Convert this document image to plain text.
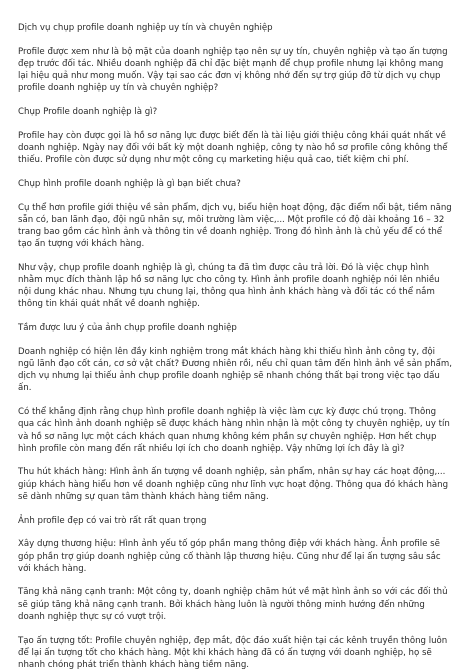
Dịch vụ chụp profile doanh nghiệp uy tín và chuyên nghiệp

Profile được xem như là bộ mặt của doanh nghiệp tạo nên sự uy tín, chuyên nghiệp và tạo ấn tượng đẹp trước đối tác. Nhiều doanh nghiệp đã chỉ đặc biệt mạnh để chụp profile nhưng lại không mang lại hiệu quả như mong muốn. Vậy tại sao các đơn vị không nhớ đến sự trợ giúp đỡ từ dịch vụ chụp profile doanh nghiệp uy tín và chuyên nghiệp?

Chụp Profile doanh nghiệp là gì?

Profile hay còn được gọi là hồ sơ năng lực được biết đến là tài liệu giới thiệu công khái quát nhất về doanh nghiệp. Ngày nay đối với bất kỳ một doanh nghiệp, công ty nào hồ sơ profile công không thể thiếu. Profile còn được sử dụng như một công cụ marketing hiệu quả cao, tiết kiệm chi phí.

Chụp hình profile doanh nghiệp là gì bạn biết chưa?

Cụ thể hơn profile giới thiệu về sản phẩm, dịch vụ, biểu hiện hoạt động, đặc điểm nổi bật, tiềm năng sẵn có, ban lãnh đạo, đội ngũ nhân sự, môi trường làm việc,... Một profile có độ dài khoảng 16 – 32 trang bao gồm các hình ảnh và thông tin về doanh nghiệp. Trong đó hình ảnh là chủ yếu để có thể tạo ấn tượng với khách hàng.

Như vậy, chụp profile doanh nghiệp là gì, chúng ta đã tìm được câu trả lời. Đó là việc chụp hình nhằm mục đích thành lập hồ sơ năng lực cho công ty. Hình ảnh profile doanh nghiệp nói lên nhiều nội dung khác nhau. Nhưng tựu chung lại, thông qua hình ảnh khách hàng và đối tác có thể nắm thông tin khái quát nhất về doanh nghiệp.

Tầm được lưu ý của ảnh chụp profile doanh nghiệp

Doanh nghiệp có hiện lên đầy kinh nghiệm trong mắt khách hàng khi thiếu hình ảnh công ty, đội ngũ lãnh đạo cốt cán, cơ sở vật chất? Đương nhiên rồi, nếu chỉ quan tâm đến hình ảnh về sản phẩm, dịch vụ nhưng lại thiếu ảnh chụp profile doanh nghiệp sẽ nhanh chóng thất bại trong việc tạo dấu ấn.

Có thể khẳng định rằng chụp hình profile doanh nghiệp là việc làm cực kỳ được chú trọng. Thông qua các hình ảnh doanh nghiệp sẽ được khách hàng nhìn nhận là một công ty chuyên nghiệp, uy tín và hồ sơ năng lực một cách khách quan nhưng không kém phần sự chuyên nghiệp. Hơn hết chụp hình profile còn mang đến rất nhiều lợi ích cho doanh nghiệp. Vậy những lợi ích đây là gì?

Thu hút khách hàng: Hình ảnh ấn tượng về doanh nghiệp, sản phẩm, nhân sự hay các hoạt động,... giúp khách hàng hiểu hơn về doanh nghiệp cũng như lĩnh vực hoạt động. Thông qua đó khách hàng sẽ dành những sự quan tâm thành khách hàng tiềm năng.

Ảnh profile đẹp có vai trò rất rất quan trọng

Xây dựng thương hiệu: Hình ảnh yếu tố góp phần mang thông điệp với khách hàng. Ảnh profile sẽ góp phần trợ giúp doanh nghiệp củng cố thành lập thương hiệu. Cũng như để lại ấn tượng sâu sắc với khách hàng.

Tăng khả năng cạnh tranh: Một công ty, doanh nghiệp chăm hút về mặt hình ảnh so với các đối thủ sẽ giúp tăng khả năng cạnh tranh. Bởi khách hàng luôn là người thông minh hướng đến những doanh nghiệp thực sự có vượt trội.

Tạo ấn tượng tốt: Profile chuyên nghiệp, đẹp mắt, độc đáo xuất hiện tại các kênh truyền thông luôn để lại ấn tượng tốt cho khách hàng. Một khi khách hàng đã có ấn tượng với doanh nghiệp, họ sẽ nhanh chóng phát triển thành khách hàng tiềm năng.
